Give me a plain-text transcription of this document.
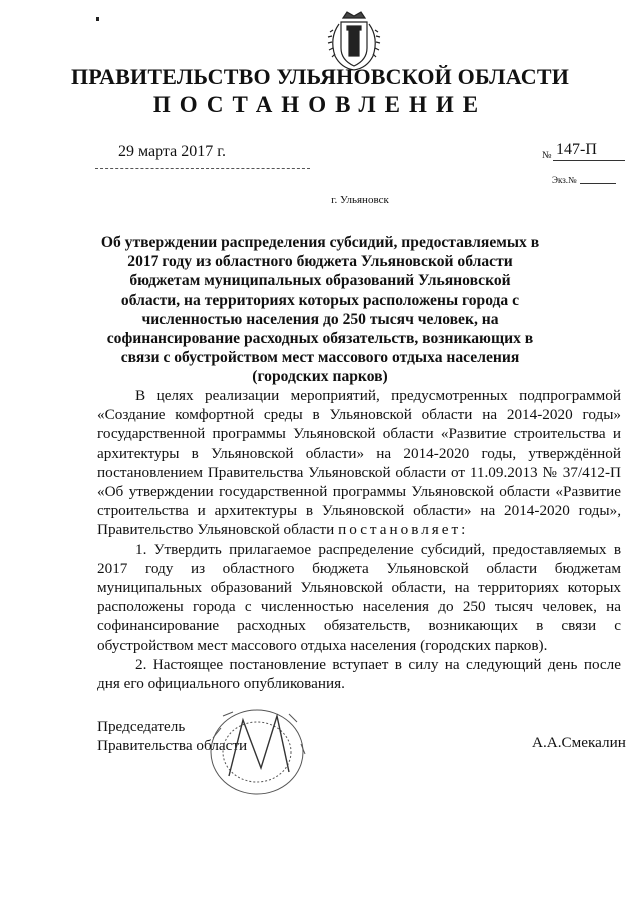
ПРАВИТЕЛЬСТВО УЛЬЯНОВСКОЙ ОБЛАСТИ
ПОСТАНОВЛЕНИЕ
29 марта 2017 г.	№ 147-П
Экз.№
г. Ульяновск
Об утверждении распределения субсидий, предоставляемых в 2017 году из областного бюджета Ульяновской области бюджетам муниципальных образований Ульяновской области, на территориях которых расположены города с численностью населения до 250 тысяч человек, на софинансирование расходных обязательств, возникающих в связи с обустройством мест массового отдыха населения (городских парков)

В целях реализации мероприятий, предусмотренных подпрограммой «Создание комфортной среды в Ульяновской области на 2014-2020 годы» государственной программы Ульяновской области «Развитие строительства и архитектуры в Ульяновской области» на 2014-2020 годы, утверждённой постановлением Правительства Ульяновской области от 11.09.2013 № 37/412-П «Об утверждении государственной программы Ульяновской области «Развитие строительства и архитектуры в Ульяновской области» на 2014-2020 годы», Правительство Ульяновской области постановляет:

1. Утвердить прилагаемое распределение субсидий, предоставляемых в 2017 году из областного бюджета Ульяновской области бюджетам муниципальных образований Ульяновской области, на территориях которых расположены города с численностью населения до 250 тысяч человек, на софинансирование расходных обязательств, возникающих в связи с обустройством мест массового отдыха населения (городских парков).

2. Настоящее постановление вступает в силу на следующий день после дня его официального опубликования.

Председатель
Правительства области	А.А.Смекалин
